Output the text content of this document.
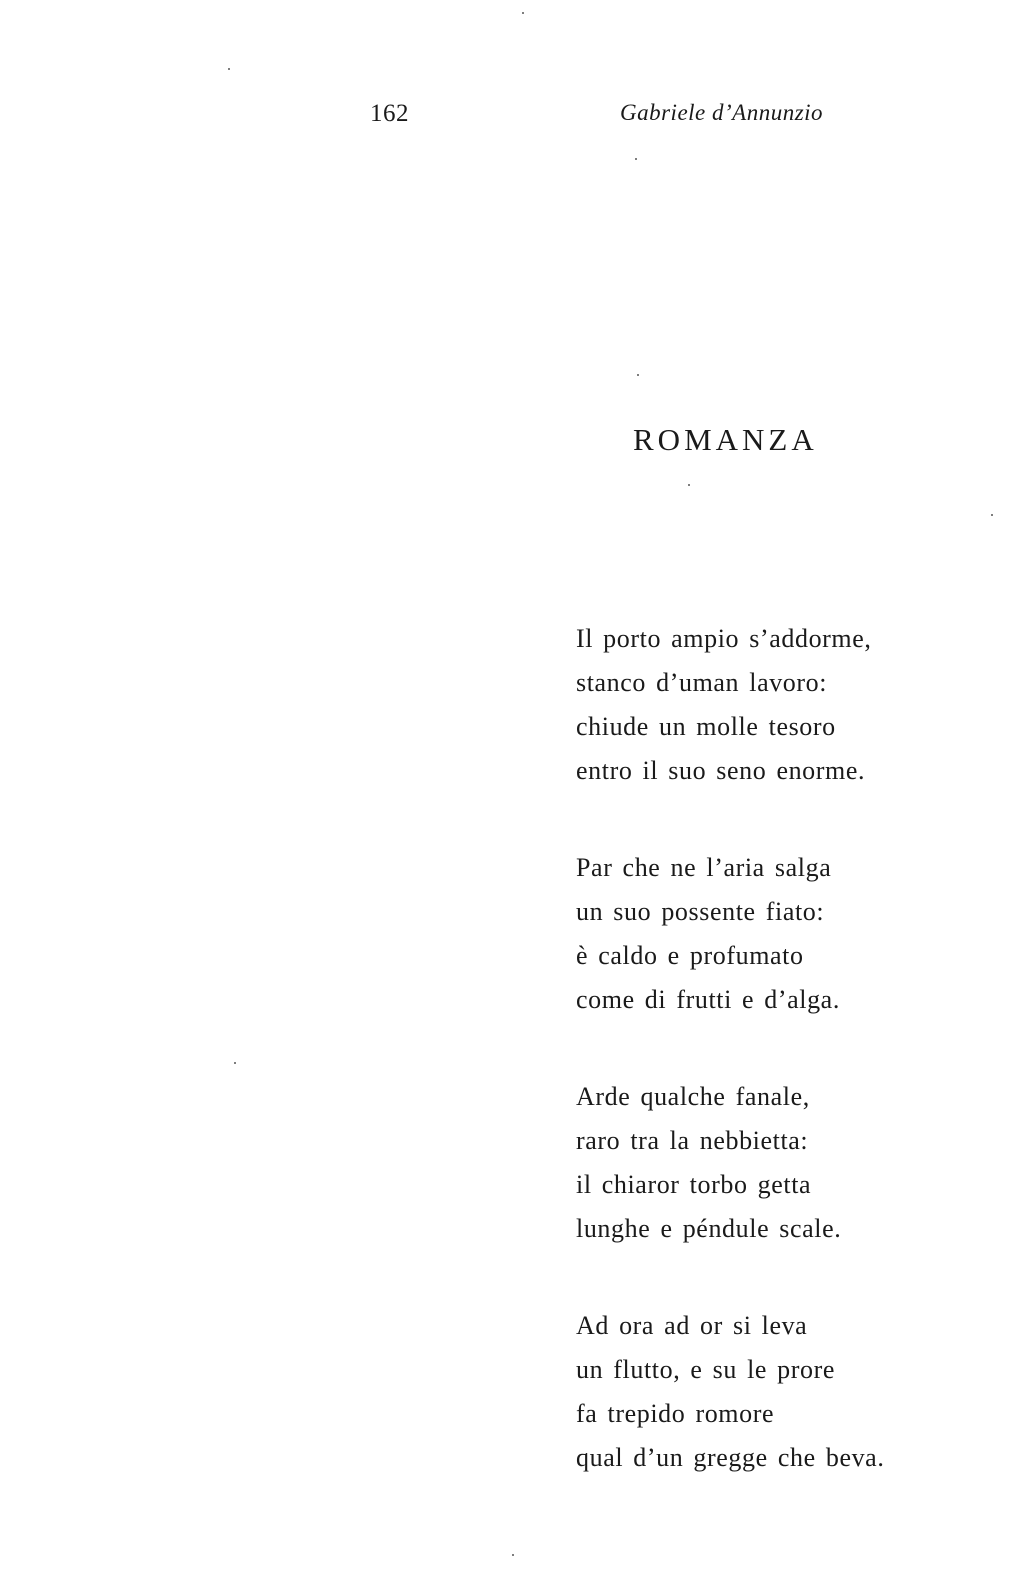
162	Gabriele d’Annunzio
ROMANZA
Il porto ampio s’addorme,
stanco d’uman lavoro:
chiude un molle tesoro
entro il suo seno enorme.
Par che ne l’aria salga
un suo possente fiato:
è caldo e profumato
come di frutti e d’alga.
Arde qualche fanale,
raro tra la nebbietta:
il chiaror torbo getta
lunghe e péndule scale.
Ad ora ad or si leva
un flutto, e su le prore
fa trepido romore
qual d’un gregge che beva.
